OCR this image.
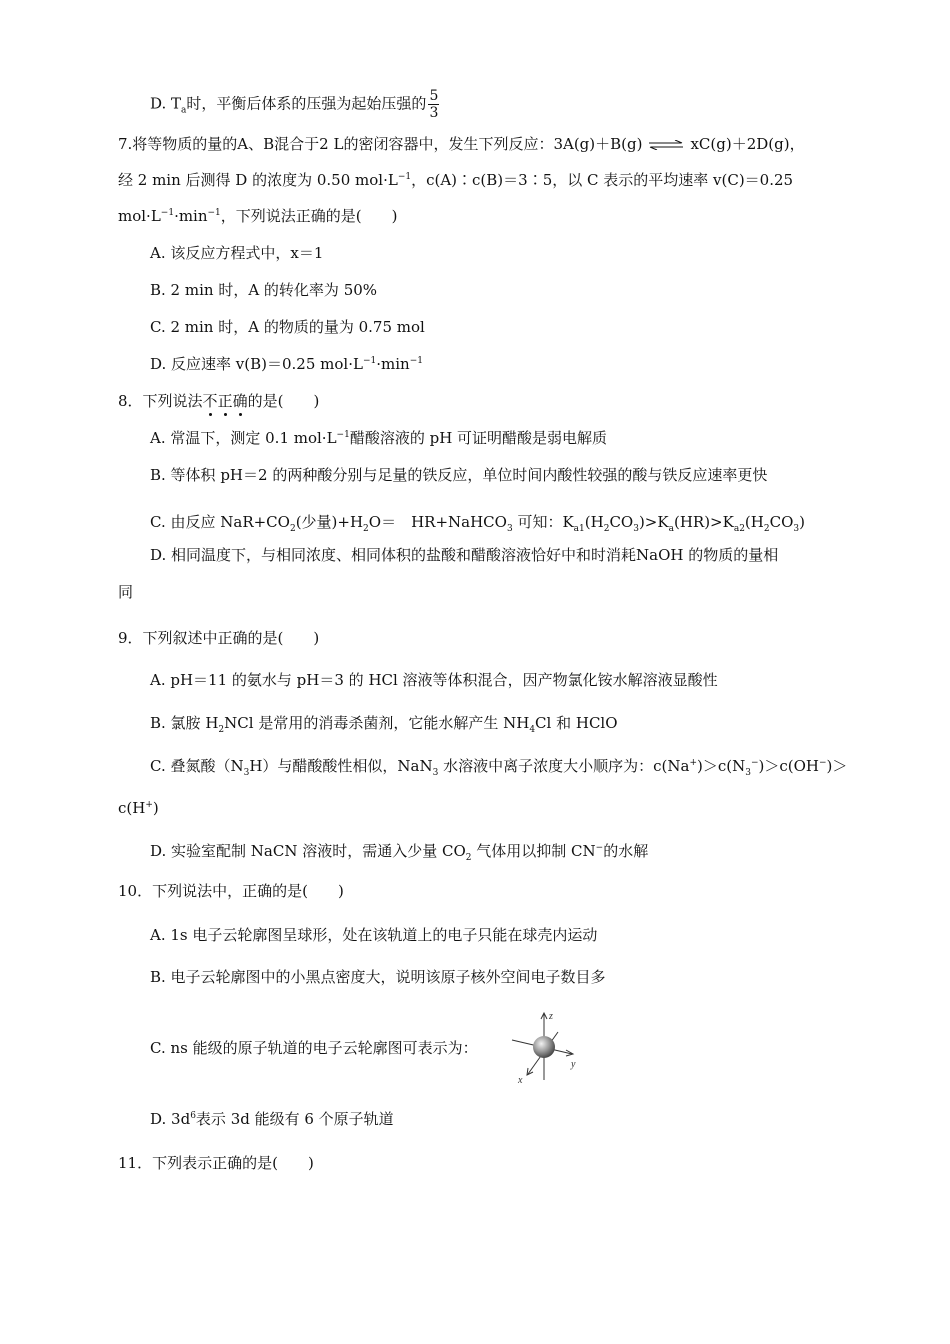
D. $T_a$时，平衡后体系的压强为起始压强的 $\frac{5}{3}$
7.将等物质的量的A、B混合于2 L的密闭容器中，发生下列反应：3A(g)＋B(g) ⇌ xC(g)＋2D(g)，
经 2 min 后测得 D 的浓度为 0.50 $mol\cdot L^{-1}$，c(A)∶c(B)＝3∶5，以 C 表示的平均速率 v(C)＝0.25
$mol\cdot L^{-1}\cdot\min^{-1}$，下列说法正确的是(　　)
A. 该反应方程式中，x＝1
B. 2 min 时，A 的转化率为 50%
C. 2 min 时，A 的物质的量为 0.75 mol
D. 反应速率 v(B)＝0.25 $mol\cdot L^{-1}\cdot\min^{-1}$
8．下列说法不正确的是(　　)
A. 常温下，测定 0.1 $mol\cdot L^{-1}$醋酸溶液的 pH 可证明醋酸是弱电解质
B. 等体积 pH＝2 的两种酸分别与足量的铁反应，单位时间内酸性较强的酸与铁反应速率更快
C. 由反应 $NaR+CO_2$(少量)$+H_2O=$　HR+NaHCO$_3$ 可知：$K_{a1}(H_2CO_3)>K_a(HR)>K_{a2}(H_2CO_3)$
D. 相同温度下，与相同浓度、相同体积的盐酸和醋酸溶液恰好中和时消耗NaOH 的物质的量相
同
9．下列叙述中正确的是(　　)
A. pH＝11 的氨水与 pH＝3 的 HCl 溶液等体积混合，因产物氯化铵水解溶液显酸性
B. 氯胺 $H_2NCl$ 是常用的消毒杀菌剂，它能水解产生 $NH_4Cl$ 和 HClO
C. 叠氮酸$(N_3H)$与醋酸酸性相似，NaN$_3$ 水溶液中离子浓度大小顺序为：$c(Na^+)>c(N_3^-)>c(OH^-)>$
c(H+)
D. 实验室配制 NaCN 溶液时，需通入少量 $CO_2$ 气体用以抑制 CN−的水解
10．下列说法中，正确的是(　　)
A. 1s 电子云轮廓图呈球形，处在该轨道上的电子只能在球壳内运动
B. 电子云轮廓图中的小黑点密度大，说明该原子核外空间电子数目多
C. ns 能级的原子轨道的电子云轮廓图可表示为：
z
y
x
D. $3d^6$表示 3d 能级有 6 个原子轨道
11．下列表示正确的是(　　)
